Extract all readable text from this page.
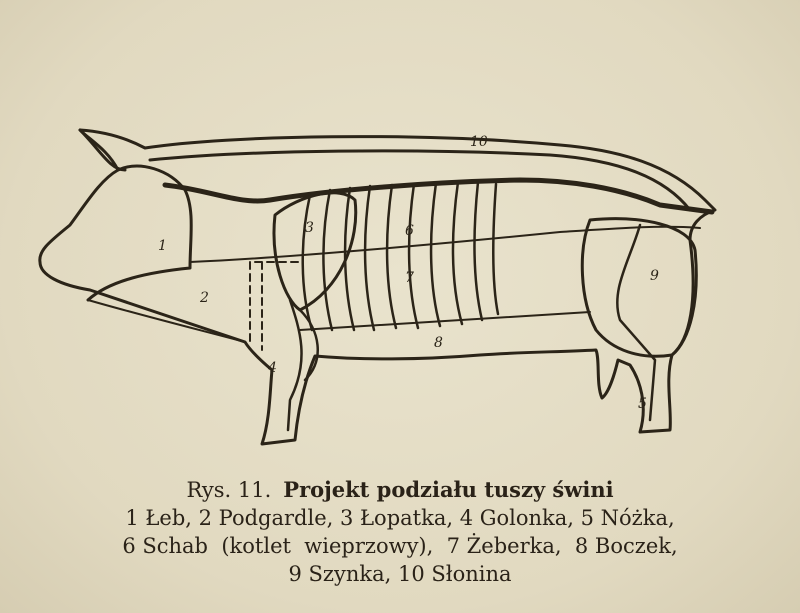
1
2
3
4
5
6
7
8
9
10
Rys. 11. Projekt podziału tuszy świni
1 Łeb, 2 Podgardle, 3 Łopatka, 4 Golonka, 5 Nóżka,
6 Schab  (kotlet  wieprzowy),  7 Żeberka,  8 Boczek,
9 Szynka, 10 Słonina
